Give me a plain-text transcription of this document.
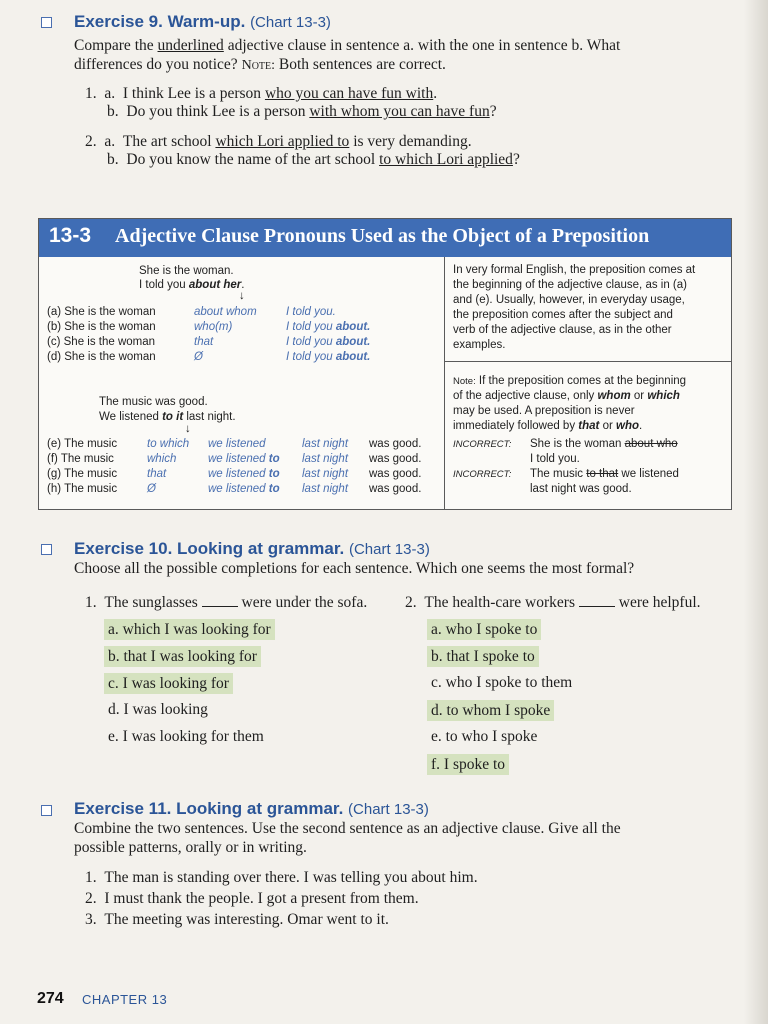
Exercise 9. Warm-up. (Chart 13-3)
Compare the underlined adjective clause in sentence a. with the one in sentence b. What
differences do you notice? Note: Both sentences are correct.
1. a. I think Lee is a person who you can have fun with.
b. Do you think Lee is a person with whom you can have fun?
2. a. The art school which Lori applied to is very demanding.
b. Do you know the name of the art school to which Lori applied?
13-3 Adjective Clause Pronouns Used as the Object of a Preposition
She is the woman.
I told you about her.
↓
(a) She is the woman	about whom	I told you.
(b) She is the woman	who(m)	I told you about.
(c) She is the woman	that	I told you about.
(d) She is the woman	Ø	I told you about.
The music was good.
We listened to it last night.
↓
(e) The music	to which we listened	last night was good.
(f) The music	which	we listened to last night was good.
(g) The music	that	we listened to last night was good.
(h) The music	Ø	we listened to last night was good.
In very formal English, the preposition comes at
the beginning of the adjective clause, as in (a)
and (e). Usually, however, in everyday usage,
the preposition comes after the subject and
verb of the adjective clause, as in the other
examples.
Note: If the preposition comes at the beginning
of the adjective clause, only whom or which
may be used. A preposition is never
immediately followed by that or who.
INCORRECT: She is the woman about who
I told you.
INCORRECT: The music to that we listened
last night was good.
Exercise 10. Looking at grammar. (Chart 13-3)
Choose all the possible completions for each sentence. Which one seems the most formal?
1. The sunglasses	were under the sofa. 2. The health-care workers	were helpful.
a. which I was looking for
b. that I was looking for
c. I was looking for
d. I was looking
e. I was looking for them
a. who I spoke to
b. that I spoke to
c. who I spoke to them
d. to whom I spoke
e. to who I spoke
f. I spoke to
Exercise 11. Looking at grammar. (Chart 13-3)
Combine the two sentences. Use the second sentence as an adjective clause. Give all the
possible patterns, orally or in writing.
1. The man is standing over there. I was telling you about him.
2. I must thank the people. I got a present from them.
3. The meeting was interesting. Omar went to it.
274 CHAPTER 13
